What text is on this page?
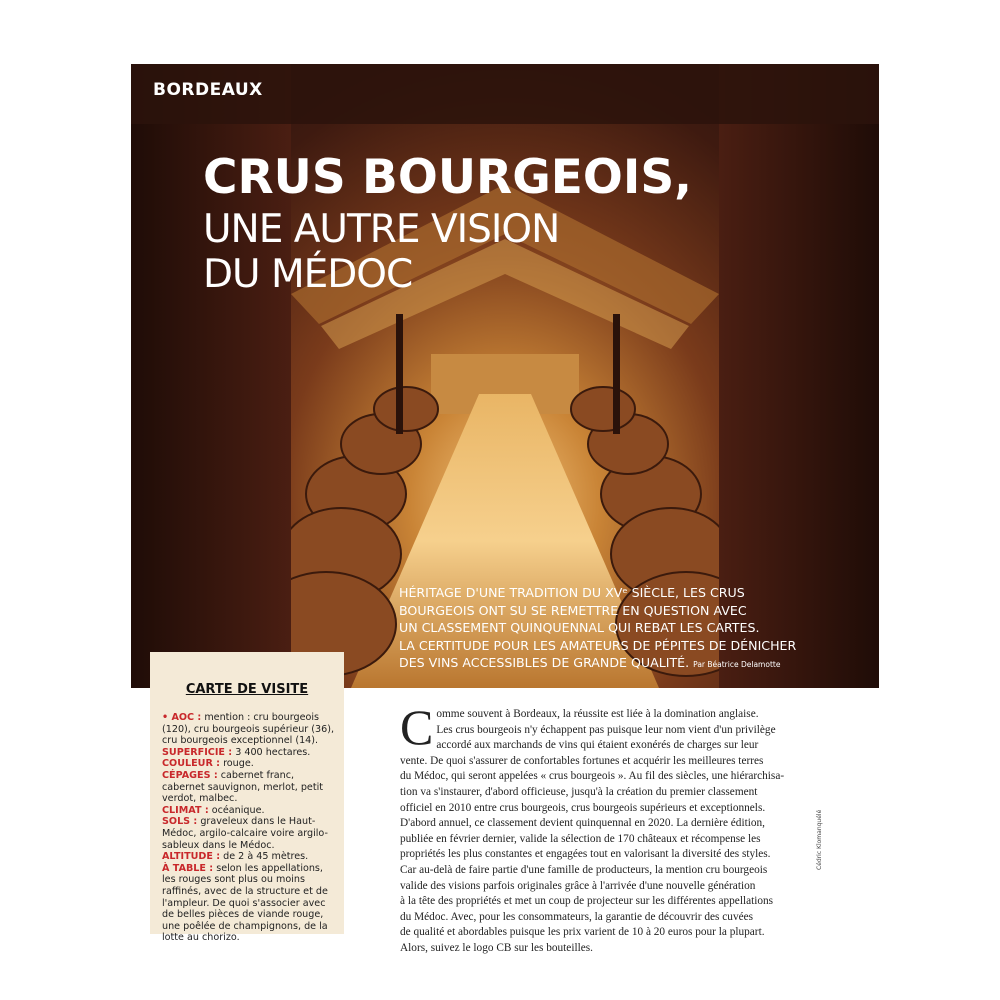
BORDEAUX
CRUS BOURGEOIS,
UNE AUTRE VISION
DU MÉDOC
HÉRITAGE D'UNE TRADITION DU XVᵉ SIÈCLE, LES CRUS
BOURGEOIS ONT SU SE REMETTRE EN QUESTION AVEC
UN CLASSEMENT QUINQUENNAL QUI REBAT LES CARTES.
LA CERTITUDE POUR LES AMATEURS DE PÉPITES DE DÉNICHER
DES VINS ACCESSIBLES DE GRANDE QUALITÉ. Par Béatrice Delamotte
CARTE DE VISITE

• AOC : mention : cru bourgeois (120), cru bourgeois supérieur (36), cru bourgeois exceptionnel (14).

SUPERFICIE : 3 400 hectares.

COULEUR : rouge.

CÉPAGES : cabernet franc, cabernet sauvignon, merlot, petit verdot, malbec.

CLIMAT : océanique.

SOLS : graveleux dans le Haut-Médoc, argilo-calcaire voire argilo-sableux dans le Médoc.

ALTITUDE : de 2 à 45 mètres.

À TABLE : selon les appellations, les rouges sont plus ou moins raffinés, avec de la structure et de l'ampleur. De quoi s'associer avec de belles pièces de viande rouge, une poêlée de champignons, de la lotte au chorizo.

C omme souvent à Bordeaux, la réussite est liée à la domination anglaise.
Les crus bourgeois n'y échappent pas puisque leur nom vient d'un privilège
accordé aux marchands de vins qui étaient exonérés de charges sur leur
vente. De quoi s'assurer de confortables fortunes et acquérir les meilleures terres
du Médoc, qui seront appelées « crus bourgeois ». Au fil des siècles, une hiérarchisa-
tion va s'instaurer, d'abord officieuse, jusqu'à la création du premier classement
officiel en 2010 entre crus bourgeois, crus bourgeois supérieurs et exceptionnels.
D'abord annuel, ce classement devient quinquennal en 2020. La dernière édition,
publiée en février dernier, valide la sélection de 170 châteaux et récompense les
propriétés les plus constantes et engagées tout en valorisant la diversité des styles.
Car au-delà de faire partie d'une famille de producteurs, la mention cru bourgeois
valide des visions parfois originales grâce à l'arrivée d'une nouvelle génération
à la tête des propriétés et met un coup de projecteur sur les différentes appellations
du Médoc. Avec, pour les consommateurs, la garantie de découvrir des cuvées
de qualité et abordables puisque les prix varient de 10 à 20 euros pour la plupart.
Alors, suivez le logo CB sur les bouteilles.
Cédric Klomanquélé
